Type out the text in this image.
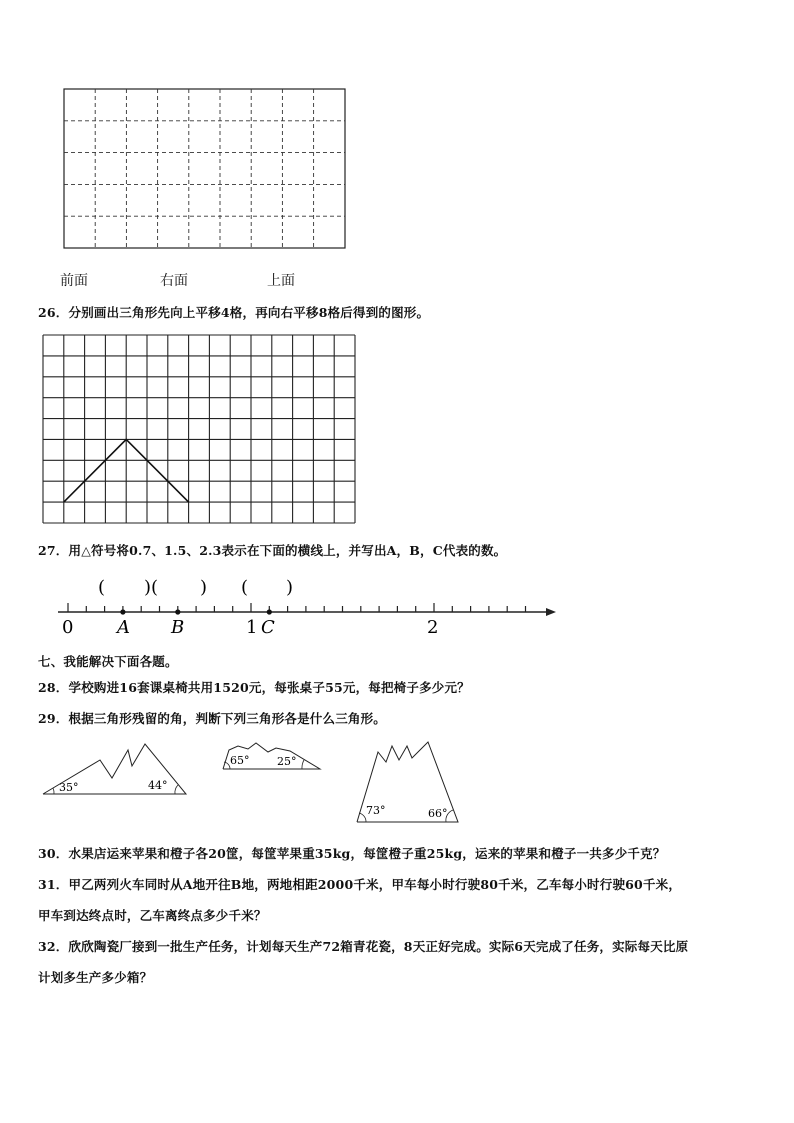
前面	右面	上面
26．分别画出三角形先向上平移4格，再向右平移8格后得到的图形。
27．用△符号将0.7、1.5、2.3表示在下面的横线上，并写出A，B，C代表的数。
( )( ) ( )
0 A B	1 C	2
七、我能解决下面各题。
28．学校购进16套课桌椅共用1520元，每张桌子55元，每把椅子多少元？
29．根据三角形残留的角，判断下列三角形各是什么三角形。
35°	44°
65°	25°
73°	66°
30．水果店运来苹果和橙子各20筐，每筐苹果重35kg，每筐橙子重25kg，运来的苹果和橙子一共多少千克？
31．甲乙两列火车同时从A地开往B地，两地相距2000千米，甲车每小时行驶80千米，乙车每小时行驶60千米，
甲车到达终点时，乙车离终点多少千米？
32．欣欣陶瓷厂接到一批生产任务，计划每天生产72箱青花瓷，8天正好完成。实际6天完成了任务，实际每天比原
计划多生产多少箱？
